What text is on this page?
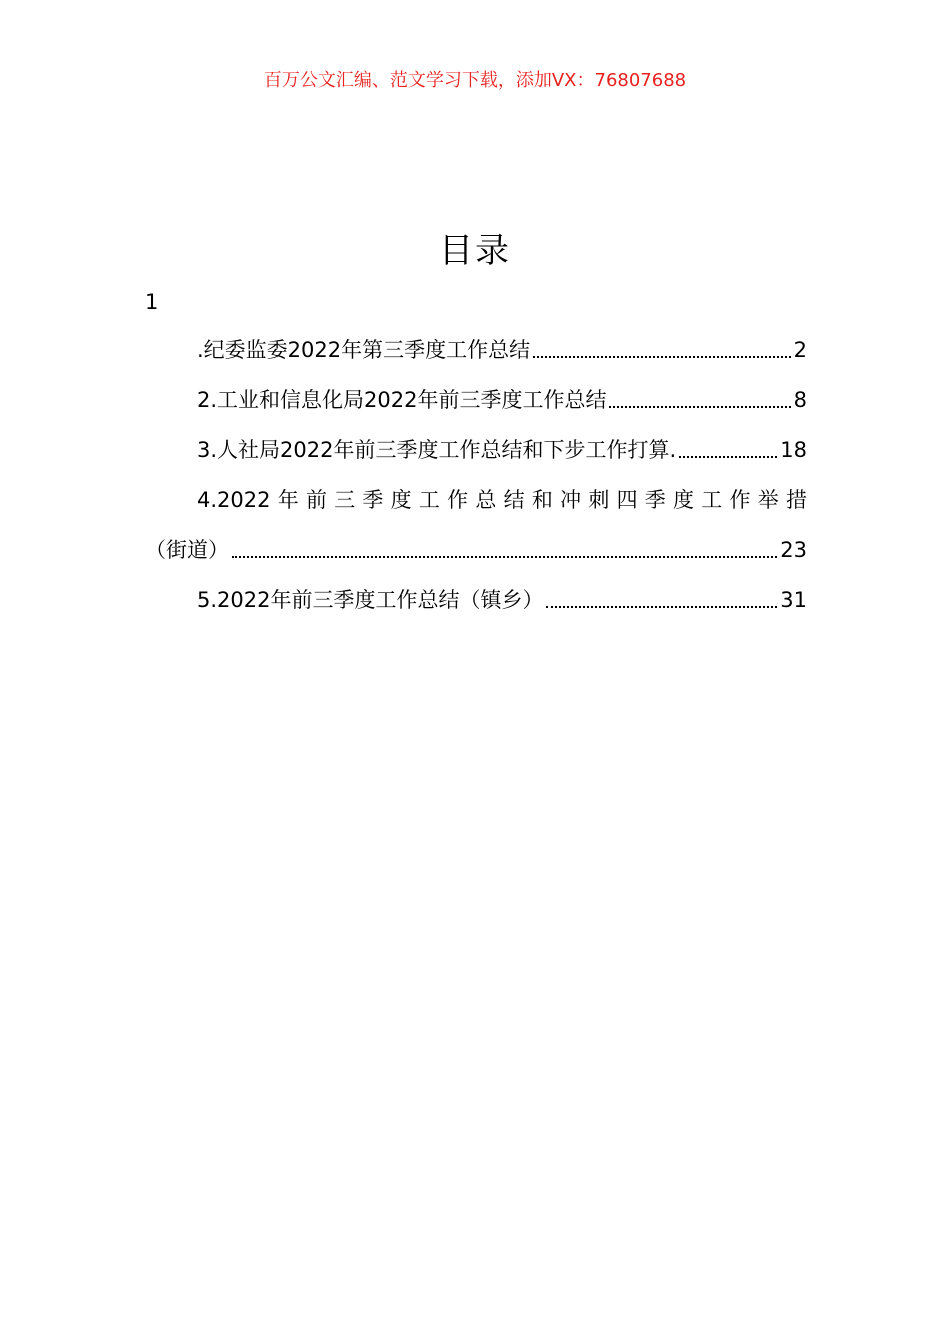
百万公文汇编、范文学习下载，添加VX：76807688
目录
1
.纪委监委2022年第三季度工作总结	2
2.工业和信息化局2022年前三季度工作总结	8
3.人社局2022年前三季度工作总结和下步工作打算.	18
4.2022年前三季度工作总结和冲刺四季度工作举措
（街道）	23
5.2022年前三季度工作总结（镇乡）	31
